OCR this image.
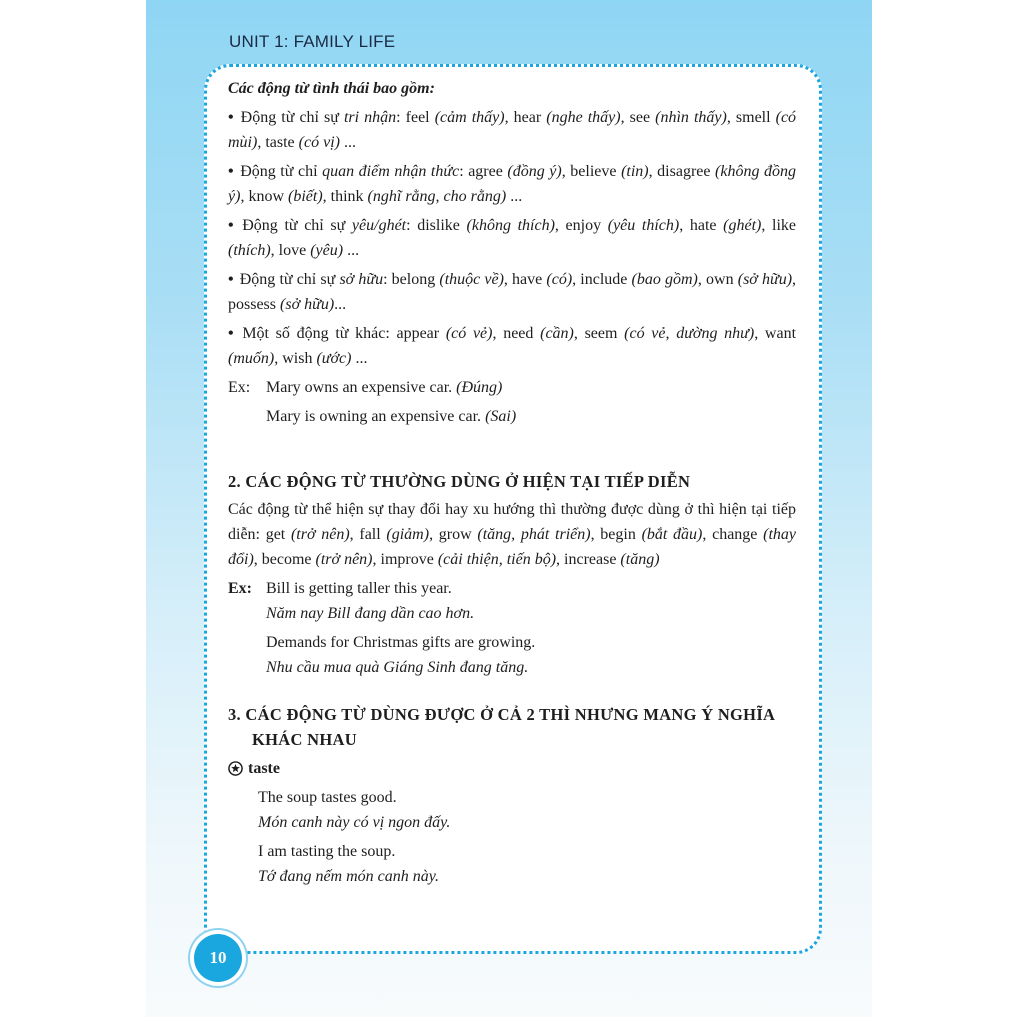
UNIT 1: FAMILY LIFE

Các động từ tình thái bao gồm:

• Động từ chỉ sự tri nhận: feel (cảm thấy), hear (nghe thấy), see (nhìn thấy), smell (có mùi), taste (có vị) ...

• Động từ chỉ quan điểm nhận thức: agree (đồng ý), believe (tin), disagree (không đồng ý), know (biết), think (nghĩ rằng, cho rằng) ...

• Động từ chỉ sự yêu/ghét: dislike (không thích), enjoy (yêu thích), hate (ghét), like (thích), love (yêu) ...

• Động từ chỉ sự sở hữu: belong (thuộc về), have (có), include (bao gồm), own (sở hữu), possess (sở hữu)...

• Một số động từ khác: appear (có vẻ), need (cần), seem (có vẻ, dường như), want (muốn), wish (ước) ...

Ex: Mary owns an expensive car. (Đúng)

Mary is owning an expensive car. (Sai)

2. CÁC ĐỘNG TỪ THƯỜNG DÙNG Ở HIỆN TẠI TIẾP DIỄN

Các động từ thể hiện sự thay đổi hay xu hướng thì thường được dùng ở thì hiện tại tiếp diễn: get (trở nên), fall (giảm), grow (tăng, phát triển), begin (bắt đầu), change (thay đổi), become (trở nên), improve (cải thiện, tiến bộ), increase (tăng)

Ex: Bill is getting taller this year.

Năm nay Bill đang dần cao hơn.

Demands for Christmas gifts are growing.

Nhu cầu mua quà Giáng Sinh đang tăng.

3. CÁC ĐỘNG TỪ DÙNG ĐƯỢC Ở CẢ 2 THÌ NHƯNG MANG Ý NGHĨA
KHÁC NHAU

taste

The soup tastes good.

Món canh này có vị ngon đấy.

I am tasting the soup.

Tớ đang nếm món canh này.

10
